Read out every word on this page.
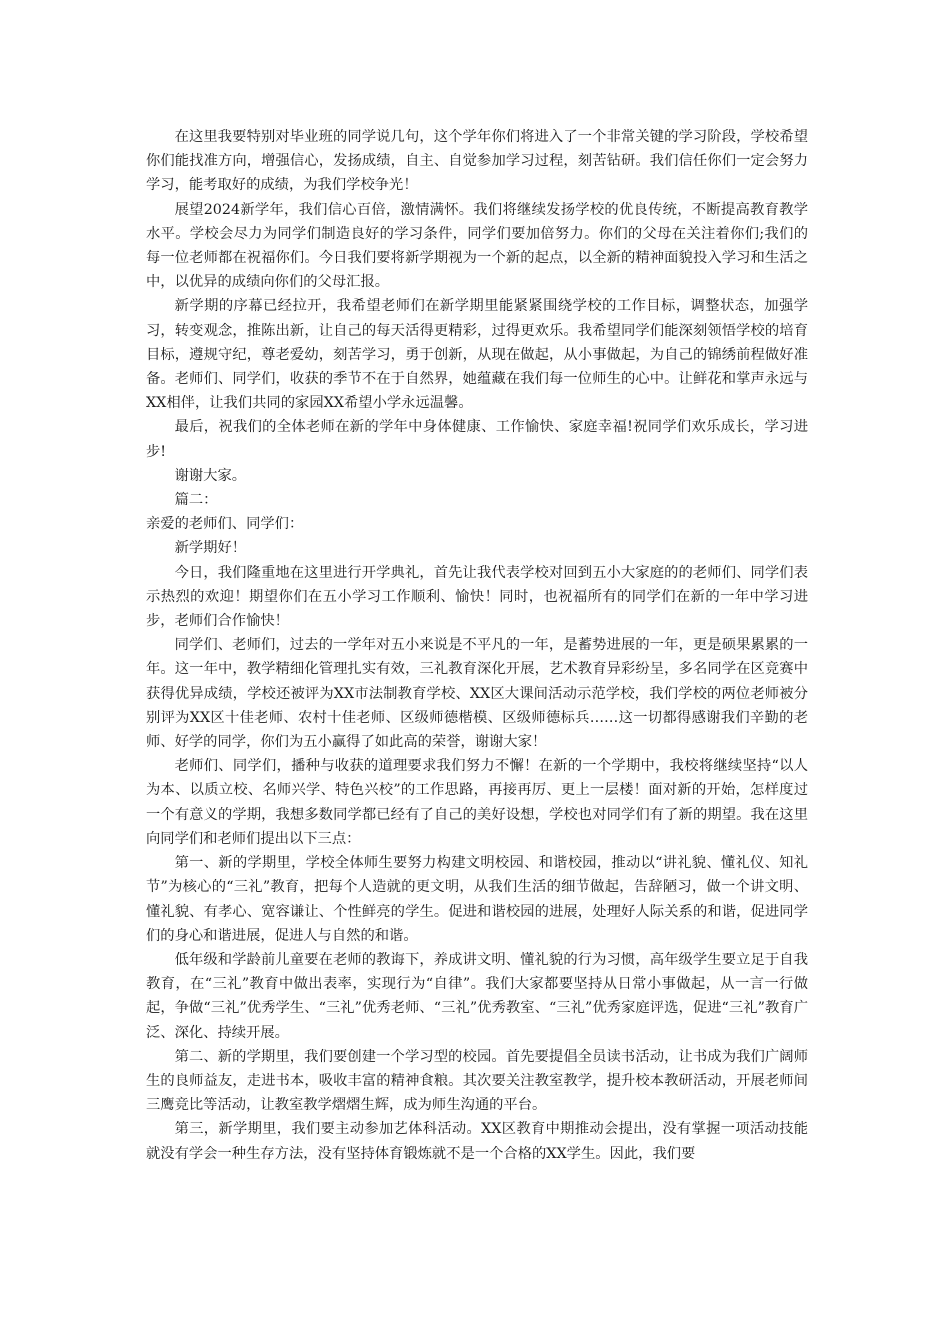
在这里我要特别对毕业班的同学说几句，这个学年你们将进入了一个非常关键的学习阶段，学校希望你们能找准方向，增强信心，发扬成绩，自主、自觉参加学习过程，刻苦钻研。我们信任你们一定会努力学习，能考取好的成绩，为我们学校争光！

展望2024新学年，我们信心百倍，激情满怀。我们将继续发扬学校的优良传统，不断提高教育教学水平。学校会尽力为同学们制造良好的学习条件，同学们要加倍努力。你们的父母在关注着你们;我们的每一位老师都在祝福你们。今日我们要将新学期视为一个新的起点，以全新的精神面貌投入学习和生活之中，以优异的成绩向你们的父母汇报。

新学期的序幕已经拉开，我希望老师们在新学期里能紧紧围绕学校的工作目标，调整状态，加强学习，转变观念，推陈出新，让自己的每天活得更精彩，过得更欢乐。我希望同学们能深刻领悟学校的培育目标，遵规守纪，尊老爱幼，刻苦学习，勇于创新，从现在做起，从小事做起，为自己的锦绣前程做好准备。老师们、同学们，收获的季节不在于自然界，她蕴藏在我们每一位师生的心中。让鲜花和掌声永远与XX相伴，让我们共同的家园XX希望小学永远温馨。

最后，祝我们的全体老师在新的学年中身体健康、工作愉快、家庭幸福!祝同学们欢乐成长，学习进步!

谢谢大家。

篇二：

亲爱的老师们、同学们：

新学期好！

今日，我们隆重地在这里进行开学典礼，首先让我代表学校对回到五小大家庭的的老师们、同学们表示热烈的欢迎！期望你们在五小学习工作顺利、愉快！同时，也祝福所有的同学们在新的一年中学习进步，老师们合作愉快！

同学们、老师们，过去的一学年对五小来说是不平凡的一年，是蓄势进展的一年，更是硕果累累的一年。这一年中，教学精细化管理扎实有效，三礼教育深化开展，艺术教育异彩纷呈，多名同学在区竞赛中获得优异成绩，学校还被评为XX市法制教育学校、XX区大课间活动示范学校，我们学校的两位老师被分别评为XX区十佳老师、农村十佳老师、区级师德楷模、区级师德标兵……这一切都得感谢我们辛勤的老师、好学的同学，你们为五小赢得了如此高的荣誉，谢谢大家！

老师们、同学们，播种与收获的道理要求我们努力不懈！在新的一个学期中，我校将继续坚持“以人为本、以质立校、名师兴学、特色兴校”的工作思路，再接再厉、更上一层楼！面对新的开始，怎样度过一个有意义的学期，我想多数同学都已经有了自己的美好设想，学校也对同学们有了新的期望。我在这里向同学们和老师们提出以下三点：

第一、新的学期里，学校全体师生要努力构建文明校园、和谐校园，推动以“讲礼貌、懂礼仪、知礼节”为核心的“三礼”教育，把每个人造就的更文明，从我们生活的细节做起，告辞陋习，做一个讲文明、懂礼貌、有孝心、宽容谦让、个性鲜亮的学生。促进和谐校园的进展，处理好人际关系的和谐，促进同学们的身心和谐进展，促进人与自然的和谐。

低年级和学龄前儿童要在老师的教诲下，养成讲文明、懂礼貌的行为习惯，高年级学生要立足于自我教育，在“三礼”教育中做出表率，实现行为“自律”。我们大家都要坚持从日常小事做起，从一言一行做起，争做“三礼”优秀学生、“三礼”优秀老师、“三礼”优秀教室、“三礼”优秀家庭评选，促进“三礼”教育广泛、深化、持续开展。

第二、新的学期里，我们要创建一个学习型的校园。首先要提倡全员读书活动，让书成为我们广阔师生的良师益友，走进书本，吸收丰富的精神食粮。其次要关注教室教学，提升校本教研活动，开展老师间三鹰竞比等活动，让教室教学熠熠生辉，成为师生沟通的平台。

第三，新学期里，我们要主动参加艺体科活动。XX区教育中期推动会提出，没有掌握一项活动技能就没有学会一种生存方法，没有坚持体育锻炼就不是一个合格的XX学生。因此，我们要
